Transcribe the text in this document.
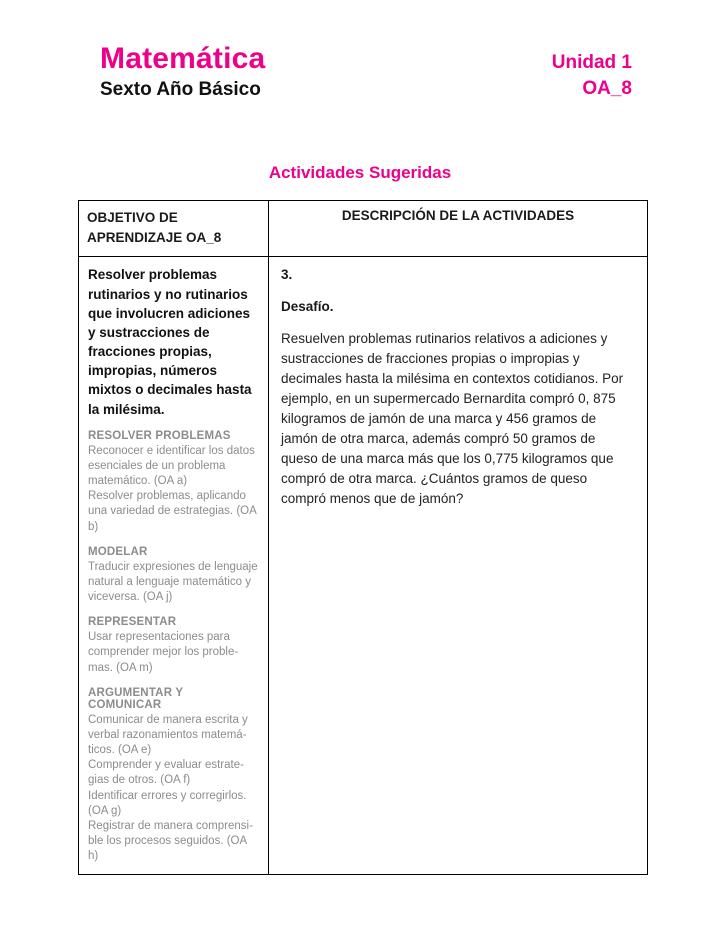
Matemática
Sexto Año Básico
Unidad 1
OA_8
Actividades Sugeridas
OBJETIVO DE APRENDIZAJE OA_8
DESCRIPCIÓN DE LA ACTIVIDADES

Resolver problemas rutinarios y no rutinarios que involucren adiciones y sustracciones de fracciones propias, impropias, números mixtos o decimales hasta la milésima.

RESOLVER PROBLEMAS

Reconocer e identificar los datos esenciales de un problema matemático. (OA a)

Resolver problemas, aplicando una variedad de estrategias. (OA b)

MODELAR

Traducir expresiones de lenguaje natural a lenguaje matemático y viceversa. (OA j)

REPRESENTAR

Usar representaciones para comprender mejor los problemas. (OA m)

ARGUMENTAR Y COMUNICAR

Comunicar de manera escrita y verbal razonamientos matemáticos. (OA e)

Comprender y evaluar estrategias de otros. (OA f)

Identificar errores y corregirlos. (OA g)

Registrar de manera comprensible los procesos seguidos. (OA h)

3.

Desafío.

Resuelven problemas rutinarios relativos a adiciones y sustracciones de fracciones propias o impropias y decimales hasta la milésima en contextos cotidianos. Por ejemplo, en un supermercado Bernardita compró 0, 875 kilogramos de jamón de una marca y 456 gramos de jamón de otra marca, además compró 50 gramos de queso de una marca más que los 0,775 kilogramos que compró de otra marca. ¿Cuántos gramos de queso compró menos que de jamón?
